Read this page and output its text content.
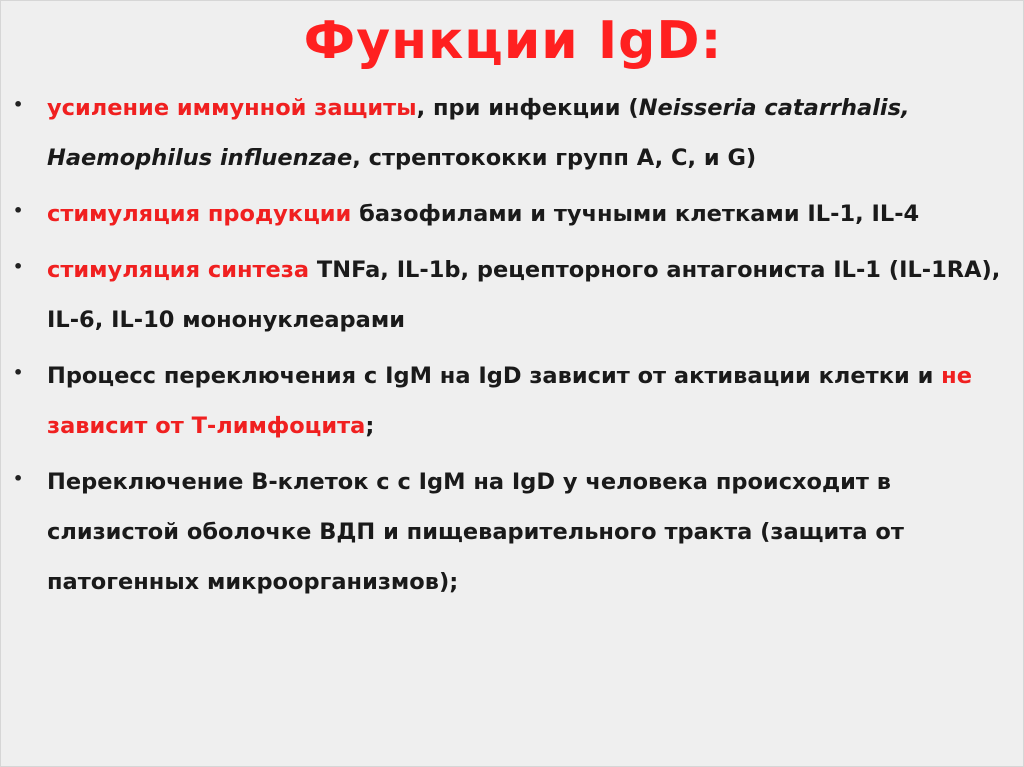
Функции IgD:
•	усиление иммунной защиты, при инфекции (Neisseria catarrhalis, Haemophilus influenzae, стрептококки групп A, C, и G)
•	стимуляция продукции базофилами и тучными клетками IL-1, IL-4
•	стимуляция синтеза TNFa, IL-1b, рецепторного антагониста IL-1 (IL-1RA), IL-6, IL-10 мононуклеарами
•	Процесс переключения с IgM на IgD зависит от активации клетки и не зависит от Т-лимфоцита;
•	Переключение В-клеток с с IgM на IgD у человека происходит в слизистой оболочке ВДП и пищеварительного тракта (защита от патогенных микроорганизмов);
